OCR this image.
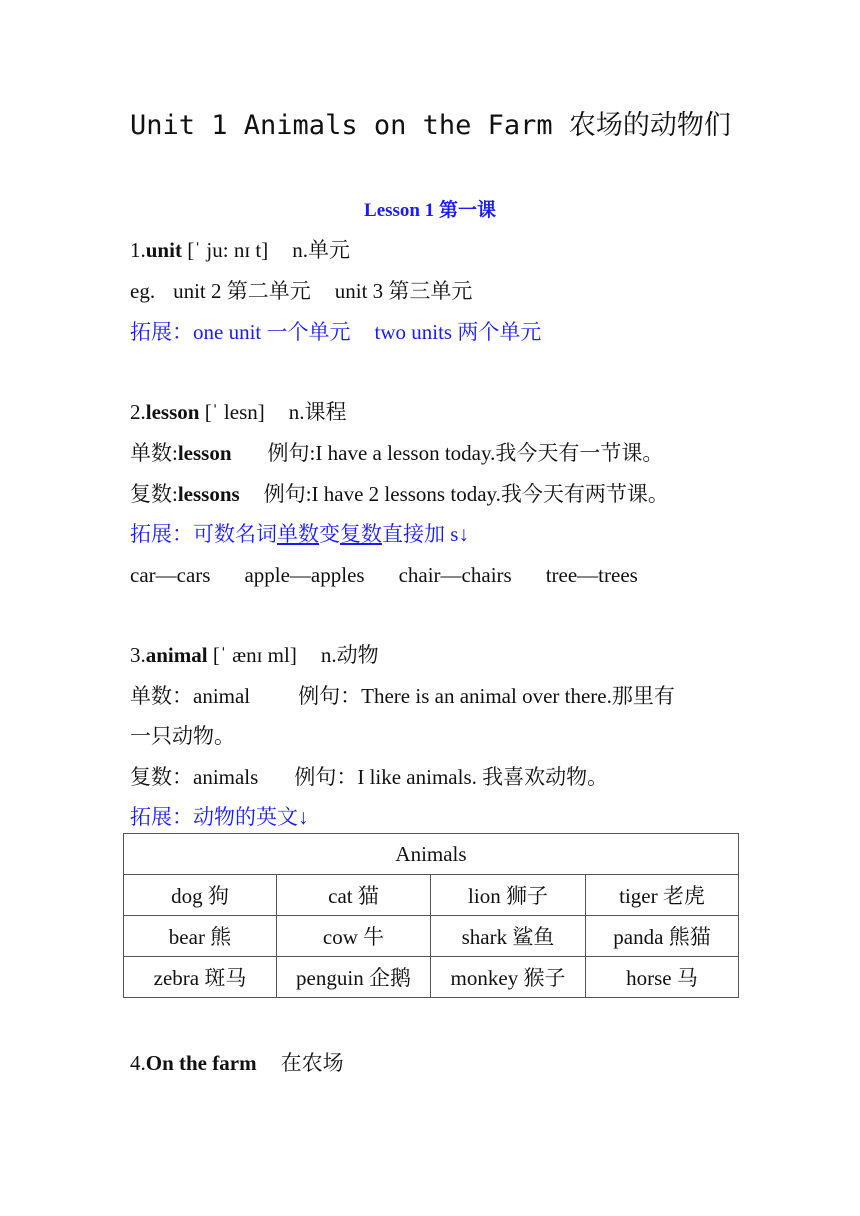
Unit 1 Animals on the Farm 农场的动物们
Lesson 1 第一课
1.unit [ˈ ju: nɪ t] n.单元
eg. unit 2 第二单元 unit 3 第三单元
拓展：one unit 一个单元 two units 两个单元
2.lesson [ˈ lesn] n.课程
单数:lesson 例句:I have a lesson today.我今天有一节课。
复数:lessons 例句:I have 2 lessons today.我今天有两节课。
拓展：可数名词单数变复数直接加 s↓
car—cars apple—apples chair—chairs tree—trees
3.animal [ˈ ænɪ ml] n.动物
单数：animal 例句：There is an animal over there.那里有
一只动物。
复数：animals 例句：I like animals. 我喜欢动物。
拓展：动物的英文↓
Animals			
dog 狗	cat 猫	lion 狮子	tiger 老虎
bear 熊	cow 牛	shark 鲨鱼	panda 熊猫
zebra 斑马	penguin 企鹅	monkey 猴子	horse 马
4.On the farm 在农场
